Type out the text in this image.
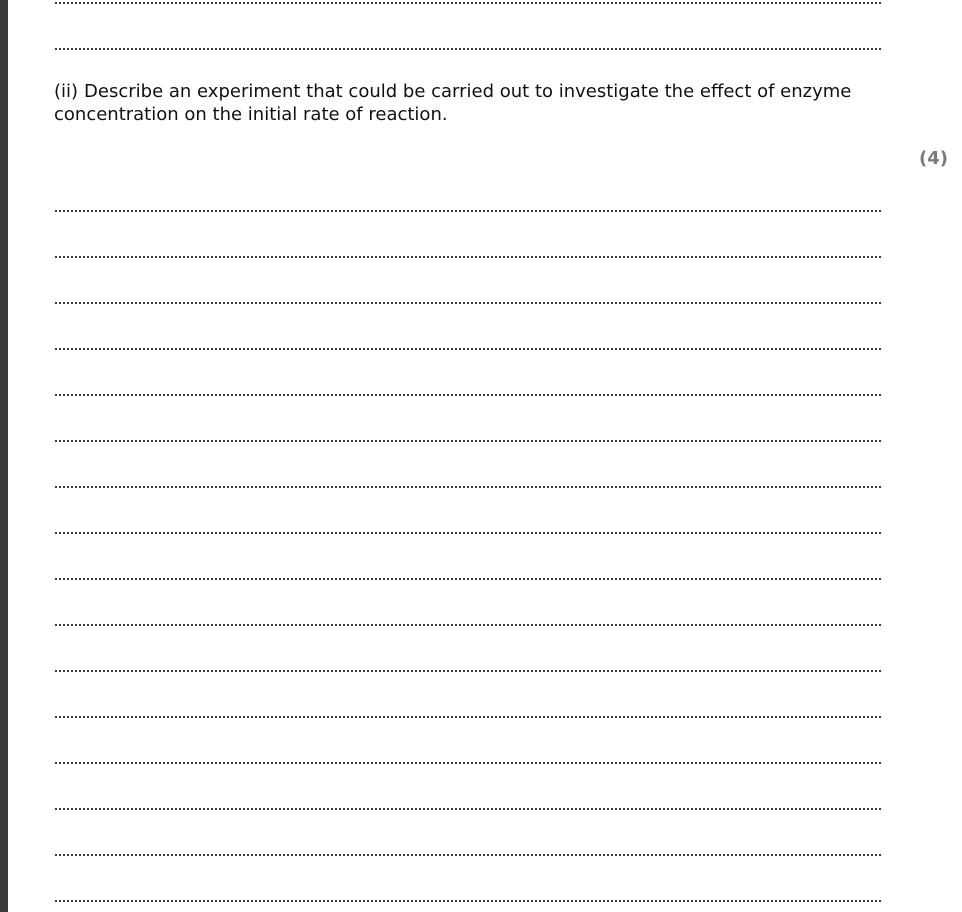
(ii) Describe an experiment that could be carried out to investigate the effect of enzyme concentration on the initial rate of reaction.

(4)
